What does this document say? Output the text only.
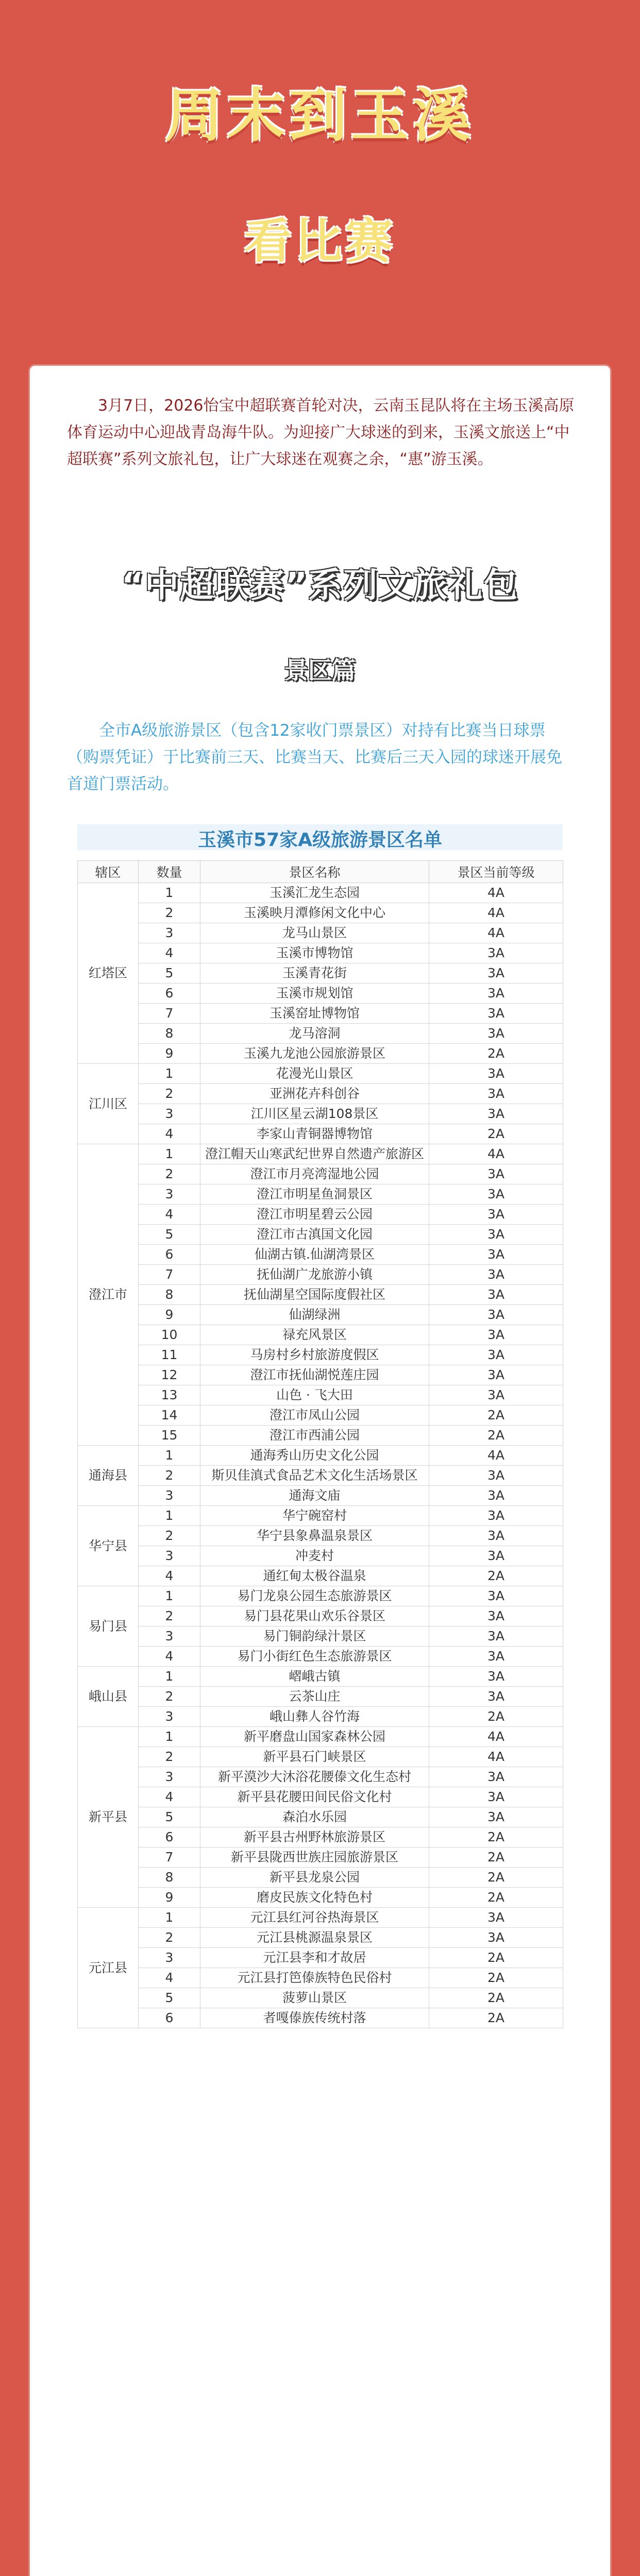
周末到玉溪
看比赛

3月7日，2026怡宝中超联赛首轮对决，云南玉昆队将在主场玉溪高原体育运动中心迎战青岛海牛队。为迎接广大球迷的到来，玉溪文旅送上“中超联赛”系列文旅礼包，让广大球迷在观赛之余，“惠”游玉溪。

“中超联赛”系列文旅礼包
景区篇

全市A级旅游景区（包含12家收门票景区）对持有比赛当日球票（购票凭证）于比赛前三天、比赛当天、比赛后三天入园的球迷开展免首道门票活动。

玉溪市57家A级旅游景区名单
辖区	数量	景区名称	景区当前等级
红塔区	1	玉溪汇龙生态园	4A
	2	玉溪映月潭修闲文化中心	4A
	3	龙马山景区	4A
	4	玉溪市博物馆	3A
	5	玉溪青花街	3A
	6	玉溪市规划馆	3A
	7	玉溪窑址博物馆	3A
	8	龙马溶洞	3A
	9	玉溪九龙池公园旅游景区	2A
江川区	1	花漫光山景区	3A
	2	亚洲花卉科创谷	3A
	3	江川区星云湖108景区	3A
	4	李家山青铜器博物馆	2A
澄江市	1	澄江帽天山寒武纪世界自然遗产旅游区	4A
	2	澄江市月亮湾湿地公园	3A
	3	澄江市明星鱼洞景区	3A
	4	澄江市明星碧云公园	3A
	5	澄江市古滇国文化园	3A
	6	仙湖古镇.仙湖湾景区	3A
	7	抚仙湖广龙旅游小镇	3A
	8	抚仙湖星空国际度假社区	3A
	9	仙湖绿洲	3A
	10	禄充风景区	3A
	11	马房村乡村旅游度假区	3A
	12	澄江市抚仙湖悦莲庄园	3A
	13	山色 · 飞大田	3A
	14	澄江市凤山公园	2A
	15	澄江市西浦公园	2A
通海县	1	通海秀山历史文化公园	4A
	2	斯贝佳滇式食品艺术文化生活场景区	3A
	3	通海文庙	3A
华宁县	1	华宁碗窑村	3A
	2	华宁县象鼻温泉景区	3A
	3	冲麦村	3A
	4	通红甸太极谷温泉	2A
易门县	1	易门龙泉公园生态旅游景区	3A
	2	易门县花果山欢乐谷景区	3A
	3	易门铜韵绿汁景区	3A
	4	易门小街红色生态旅游景区	3A
峨山县	1	嶍峨古镇	3A
	2	云茶山庄	3A
	3	峨山彝人谷竹海	2A
新平县	1	新平磨盘山国家森林公园	4A
	2	新平县石门峡景区	4A
	3	新平漠沙大沐浴花腰傣文化生态村	3A
	4	新平县花腰田间民俗文化村	3A
	5	森泊水乐园	3A
	6	新平县古州野林旅游景区	2A
	7	新平县陇西世族庄园旅游景区	2A
	8	新平县龙泉公园	2A
	9	磨皮民族文化特色村	2A
元江县	1	元江县红河谷热海景区	3A
	2	元江县桃源温泉景区	3A
	3	元江县李和才故居	2A
	4	元江县打笆傣族特色民俗村	2A
	5	菠萝山景区	2A
	6	者嘎傣族传统村落	2A
